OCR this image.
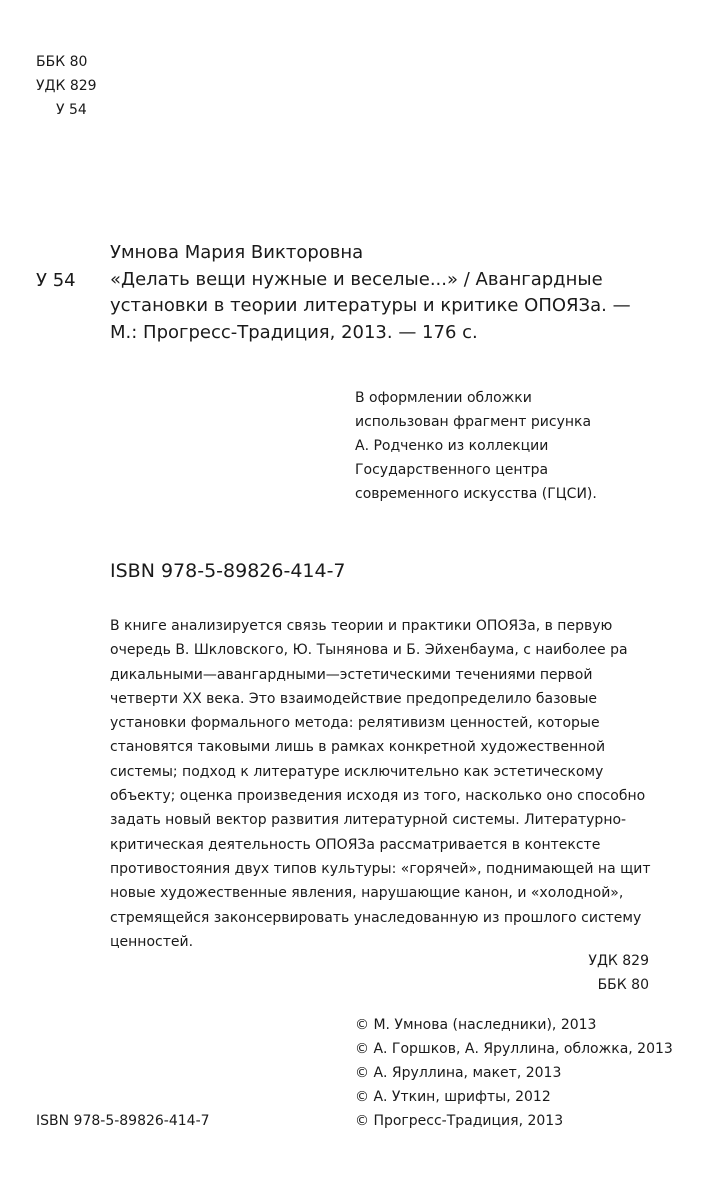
ББК 80
УДК 829
У 54
У 54
Умнова Мария Викторовна
«Делать вещи нужные и веселые...» / Авангардные
установки в теории литературы и критике ОПОЯЗа. —
М.: Прогресс-Традиция, 2013. — 176 с.
В оформлении обложки
использован фрагмент рисунка
А. Родченко из коллекции
Государственного центра
современного искусства (ГЦСИ).
ISBN 978-5-89826-414-7
В книге анализируется связь теории и практики ОПОЯЗа, в первую
очередь В. Шкловского, Ю. Тынянова и Б. Эйхенбаума, с наиболее ра
дикальными—авангардными—эстетическими течениями первой
четверти XX века. Это взаимодействие предопределило базовые
установки формального метода: релятивизм ценностей, которые
становятся таковыми лишь в рамках конкретной художественной
системы; подход к литературе исключительно как эстетическому
объекту; оценка произведения исходя из того, насколько оно способно
задать новый вектор развития литературной системы. Литературно-
критическая деятельность ОПОЯЗа рассматривается в контексте
противостояния двух типов культуры: «горячей», поднимающей на щит
новые художественные явления, нарушающие канон, и «холодной»,
стремящейся законсервировать унаследованную из прошлого систему
ценностей.
УДК 829
ББК 80
© М. Умнова (наследники), 2013
© А. Горшков, А. Яруллина, обложка, 2013
© А. Яруллина, макет, 2013
© А. Уткин, шрифты, 2012
© Прогресс-Традиция, 2013
ISBN 978-5-89826-414-7
